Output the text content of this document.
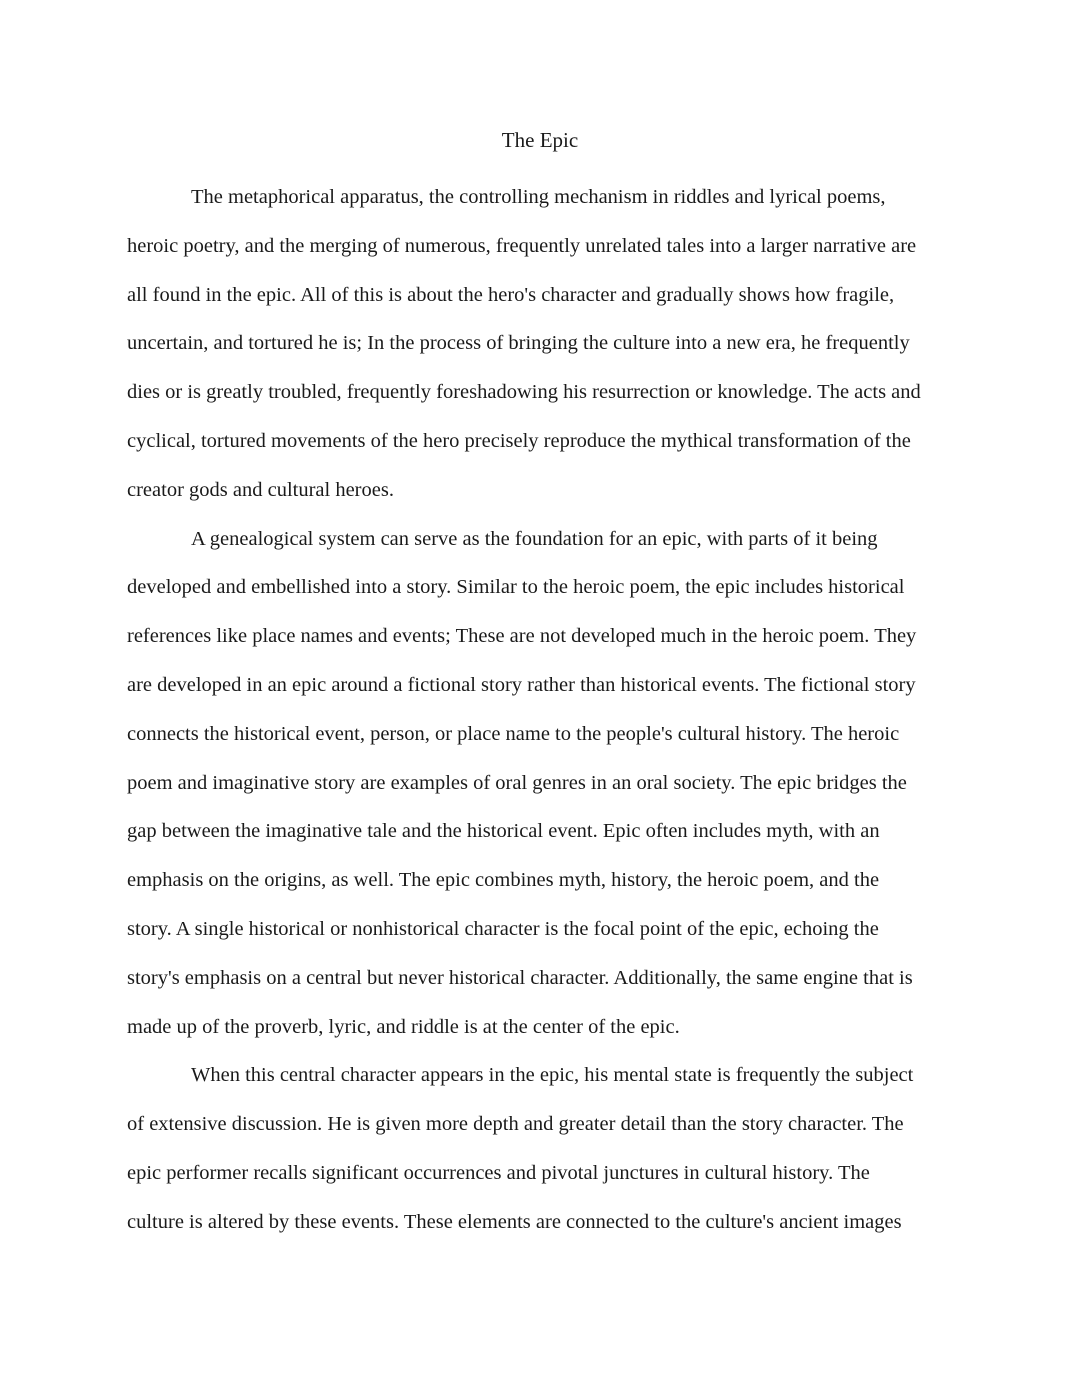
The Epic
The metaphorical apparatus, the controlling mechanism in riddles and lyrical poems,
heroic poetry, and the merging of numerous, frequently unrelated tales into a larger narrative are
all found in the epic. All of this is about the hero's character and gradually shows how fragile,
uncertain, and tortured he is; In the process of bringing the culture into a new era, he frequently
dies or is greatly troubled, frequently foreshadowing his resurrection or knowledge. The acts and
cyclical, tortured movements of the hero precisely reproduce the mythical transformation of the
creator gods and cultural heroes.
A genealogical system can serve as the foundation for an epic, with parts of it being
developed and embellished into a story. Similar to the heroic poem, the epic includes historical
references like place names and events; These are not developed much in the heroic poem. They
are developed in an epic around a fictional story rather than historical events. The fictional story
connects the historical event, person, or place name to the people's cultural history. The heroic
poem and imaginative story are examples of oral genres in an oral society. The epic bridges the
gap between the imaginative tale and the historical event. Epic often includes myth, with an
emphasis on the origins, as well. The epic combines myth, history, the heroic poem, and the
story. A single historical or nonhistorical character is the focal point of the epic, echoing the
story's emphasis on a central but never historical character. Additionally, the same engine that is
made up of the proverb, lyric, and riddle is at the center of the epic.
When this central character appears in the epic, his mental state is frequently the subject
of extensive discussion. He is given more depth and greater detail than the story character. The
epic performer recalls significant occurrences and pivotal junctures in cultural history. The
culture is altered by these events. These elements are connected to the culture's ancient images
